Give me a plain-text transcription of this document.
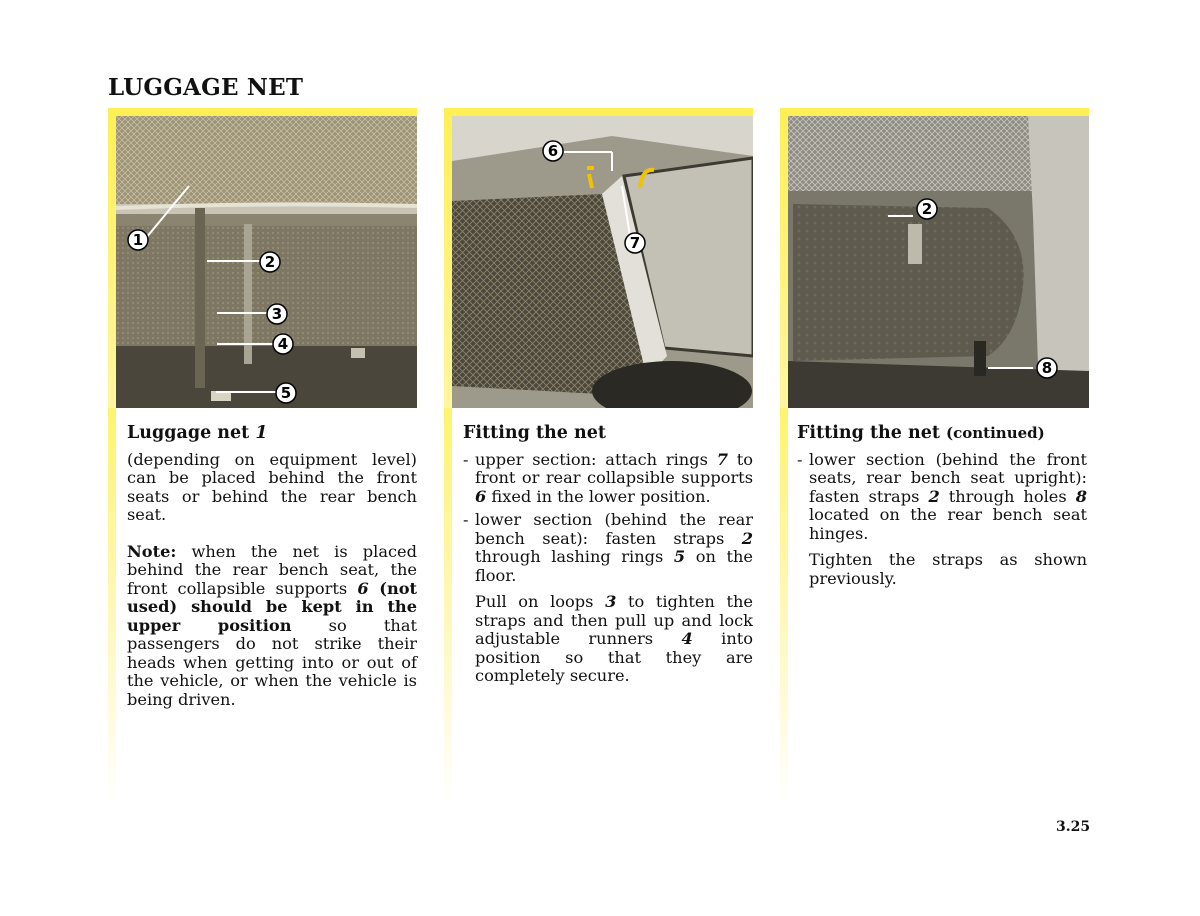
LUGGAGE NET
1
2
3
4
5
Luggage net 1

(depending on equipment level) can be placed behind the front seats or behind the rear bench seat.

Note: when the net is placed behind the rear bench seat, the front collapsible supports 6 (not used) should be kept in the upper position so that passengers do not strike their heads when getting into or out of the vehicle, or when the vehicle is being driven.

6
7
Fitting the net
- upper section: attach rings 7 to front or rear collapsible supports 6 fixed in the lower position.
- lower section (behind the rear bench seat): fasten straps 2 through lashing rings 5 on the floor.

Pull on loops 3 to tighten the straps and then pull up and lock adjustable runners 4 into position so that they are completely secure.

2
8
Fitting the net (continued)
- lower section (behind the front seats, rear bench seat upright): fasten straps 2 through holes 8 located on the rear bench seat hinges.

Tighten the straps as shown previously.

3.25
